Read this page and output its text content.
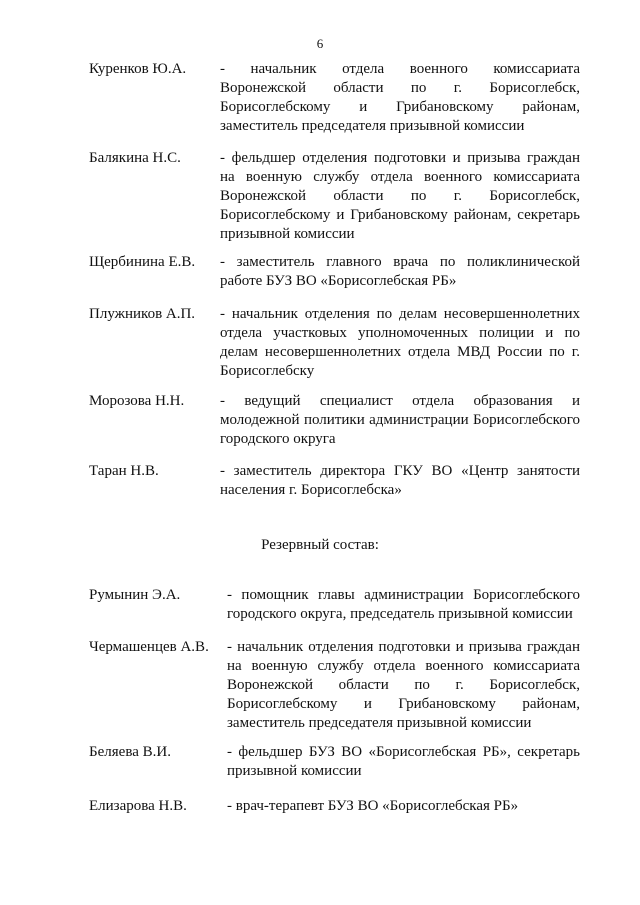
6
Куренков Ю.А. - начальник отдела военного комиссариата Воронежской области по г. Борисоглебск, Борисоглебскому и Грибановскому районам, заместитель председателя призывной комиссии
Балякина Н.С.	- фельдшер отделения подготовки и призыва граждан на военную службу отдела военного комиссариата Воронежской области по г. Борисоглебск, Борисоглебскому и Грибановскому районам, секретарь призывной комиссии
Щербинина Е.В. - заместитель главного врача по поликлинической работе БУЗ ВО «Борисоглебская РБ»
Плужников А.П. - начальник отделения по делам несовершеннолетних отдела участковых уполномоченных полиции и по делам несовершеннолетних отдела МВД России по г. Борисоглебску
Морозова Н.Н. - ведущий специалист отдела образования и молодежной политики администрации Борисоглебского городского округа
Таран Н.В.	- заместитель директора ГКУ ВО «Центр занятости населения г. Борисоглебска»
Резервный состав:
Румынин Э.А.	- помощник главы администрации Борисоглебского городского округа, председатель призывной комиссии
Чермашенцев А.В. - начальник отделения подготовки и призыва граждан на военную службу отдела военного комиссариата Воронежской области по г. Борисоглебск, Борисоглебскому и Грибановскому районам, заместитель председателя призывной комиссии
Беляева В.И.	- фельдшер БУЗ ВО «Борисоглебская РБ», секретарь призывной комиссии
Елизарова Н.В.	- врач-терапевт БУЗ ВО «Борисоглебская РБ»
